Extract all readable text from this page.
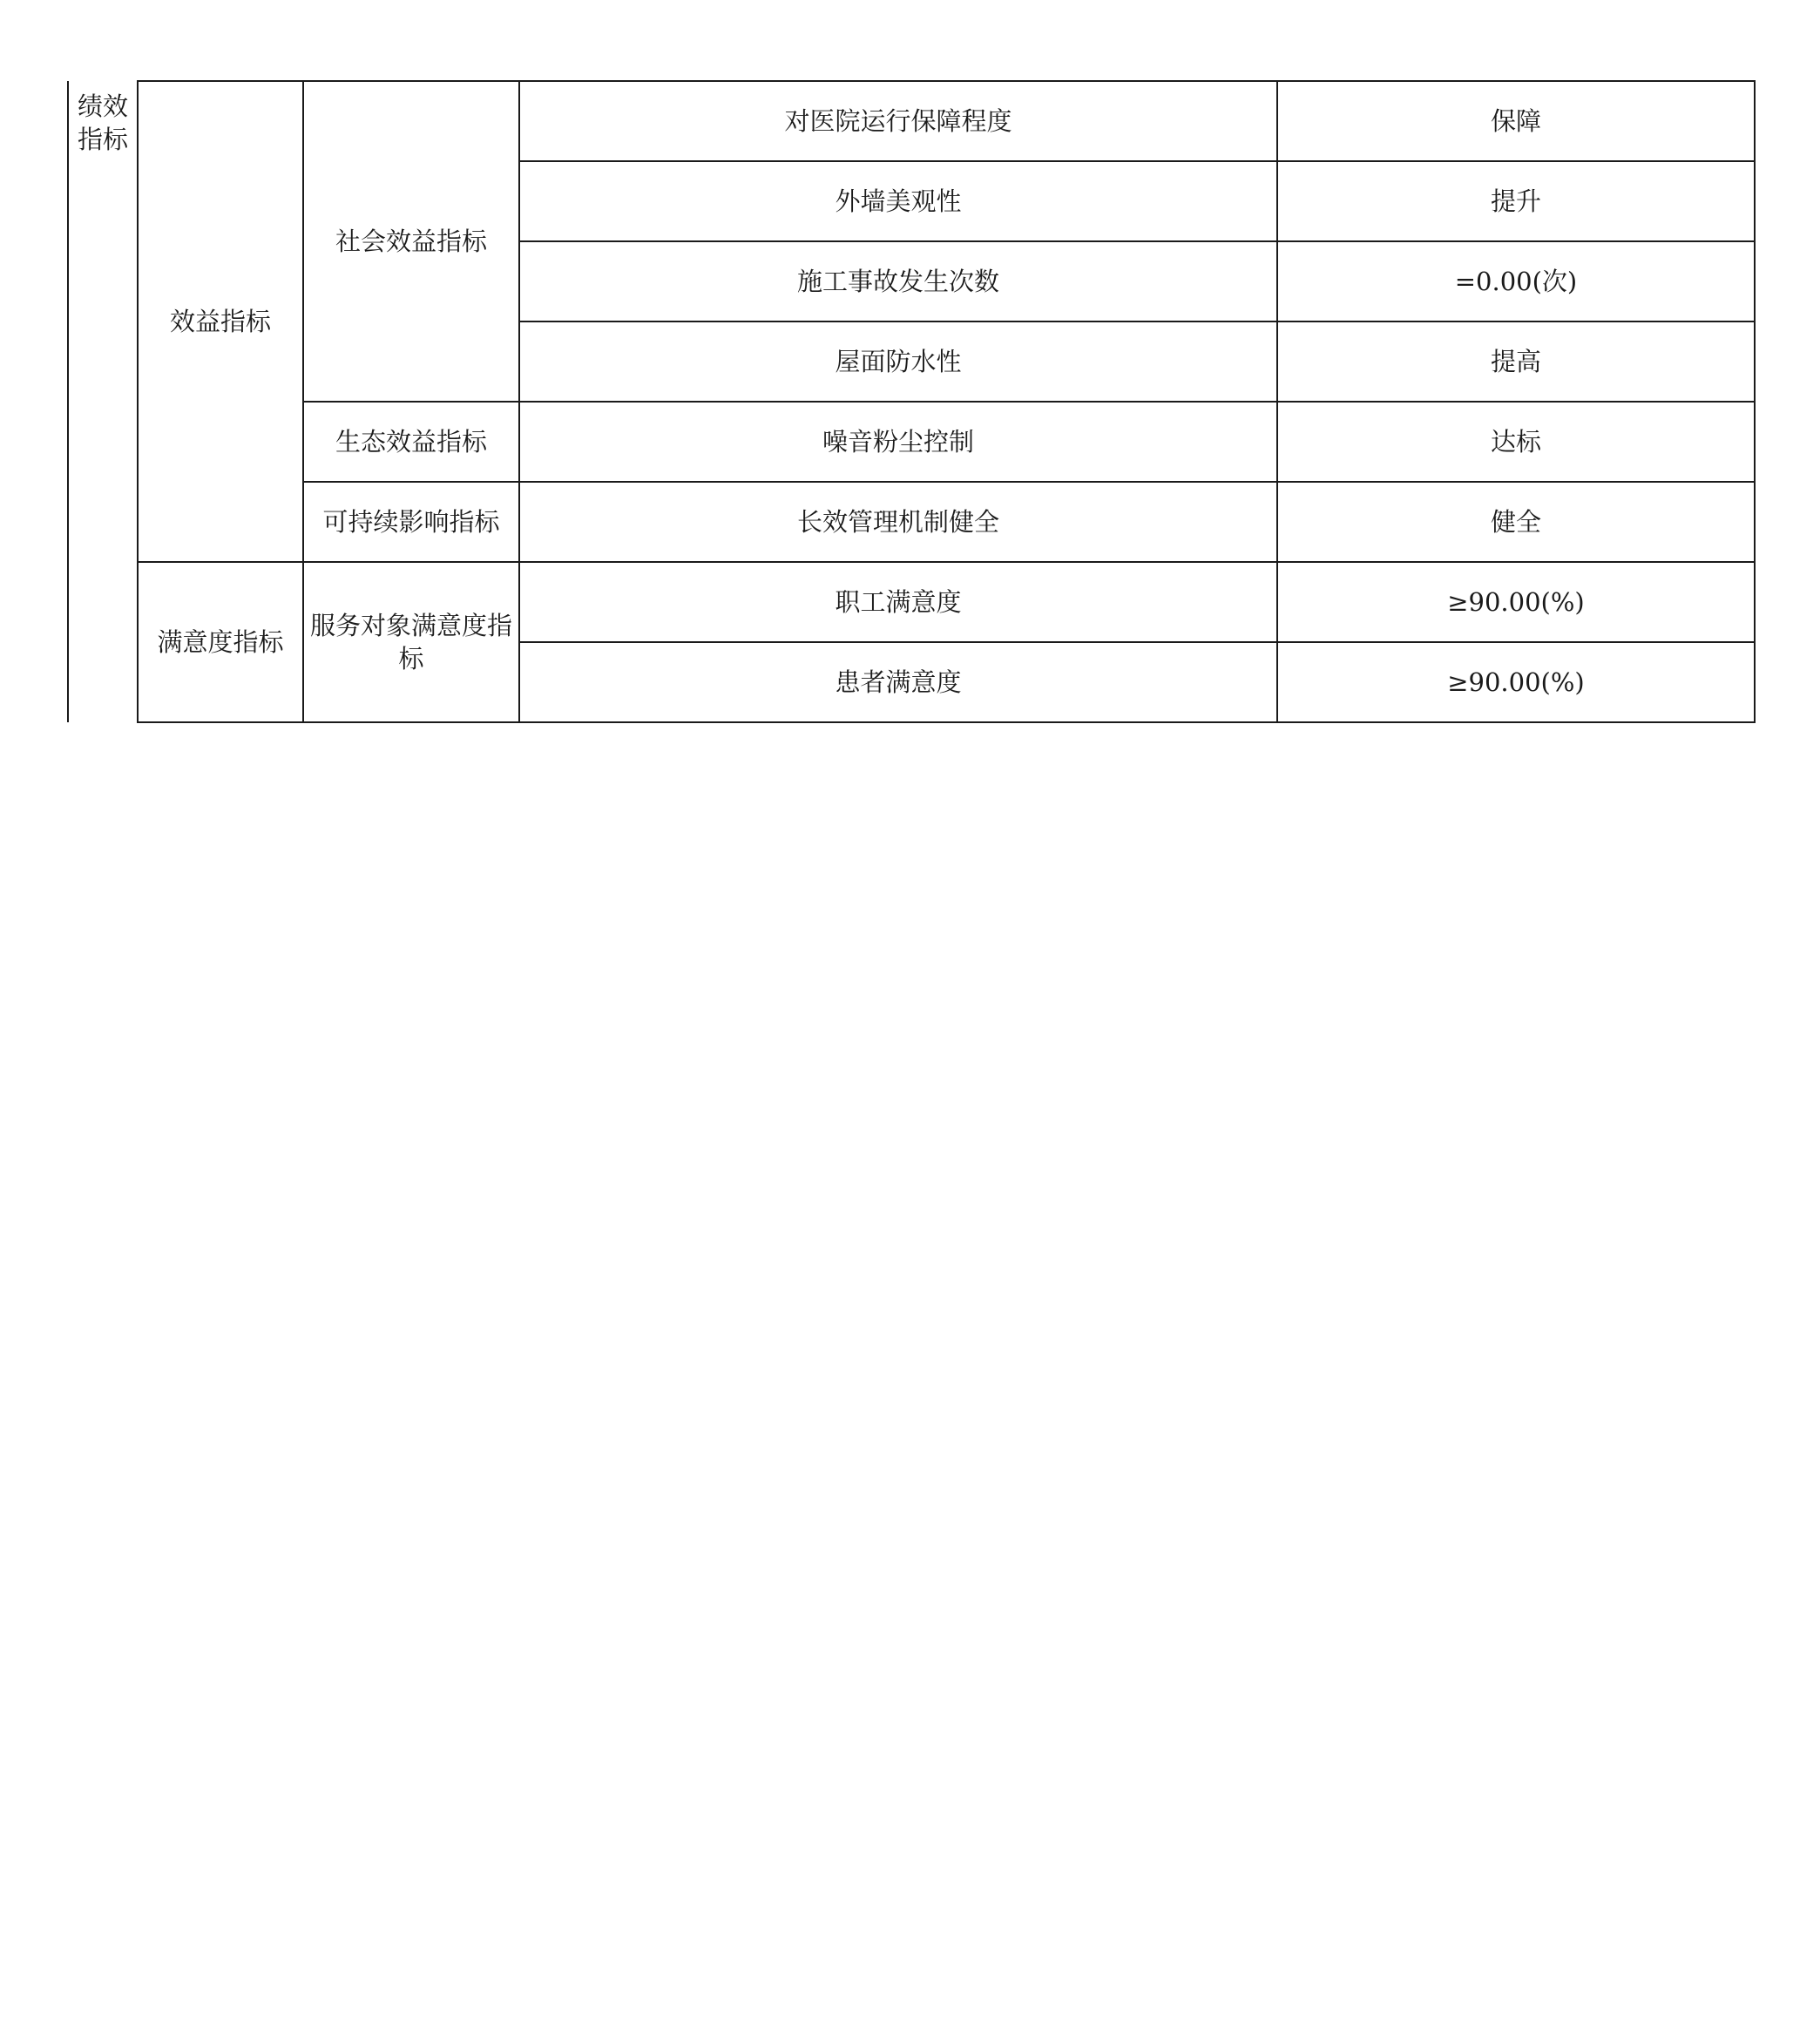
绩效指标	效益指标	社会效益指标	对医院运行保障程度	保障
			外墙美观性	提升
			施工事故发生次数	=0.00(次)
			屋面防水性	提高
		生态效益指标	噪音粉尘控制	达标
		可持续影响指标	长效管理机制健全	健全
	满意度指标	服务对象满意度指标	职工满意度	≥90.00(%)
			患者满意度	≥90.00(%)
